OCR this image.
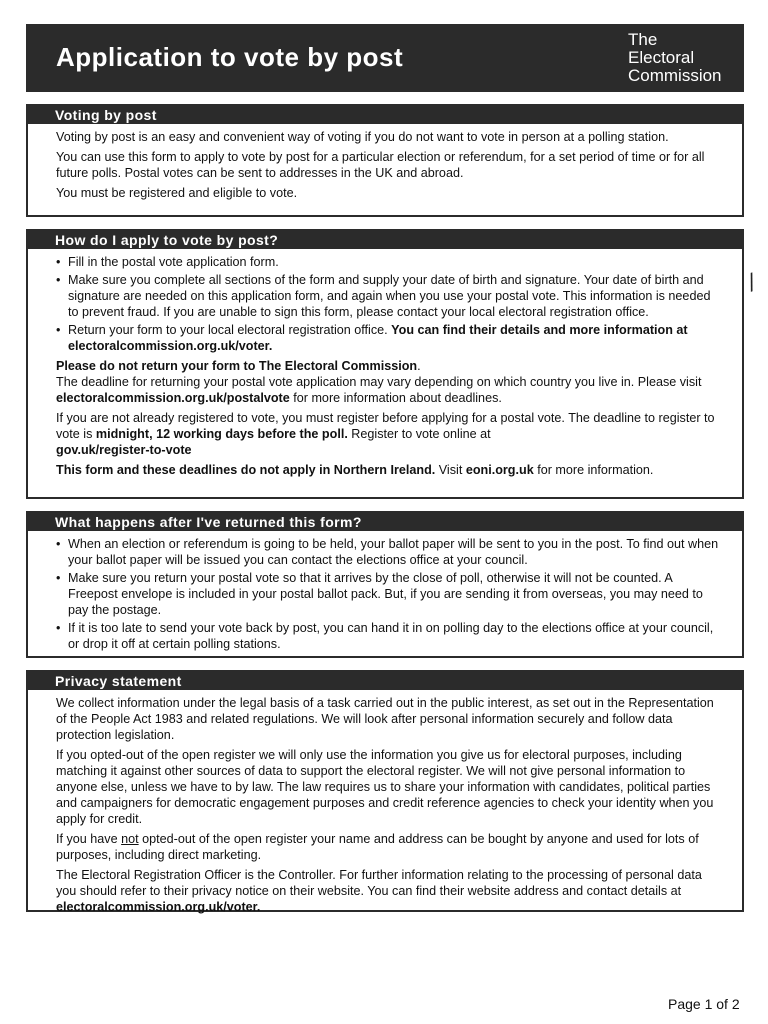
Application to vote by post
The
Electoral
Commission
Voting by post

Voting by post is an easy and convenient way of voting if you do not want to vote in person at a polling station.

You can use this form to apply to vote by post for a particular election or referendum, for a set period of time or for all future polls. Postal votes can be sent to addresses in the UK and abroad.

You must be registered and eligible to vote.

How do I apply to vote by post?
• Fill in the postal vote application form.
• Make sure you complete all sections of the form and supply your date of birth and signature. Your date of birth and signature are needed on this application form, and again when you use your postal vote. This information is needed to prevent fraud. If you are unable to sign this form, please contact your local electoral registration office.
• Return your form to your local electoral registration office. You can find their details and more information at electoralcommission.org.uk/voter.

Please do not return your form to The Electoral Commission.
The deadline for returning your postal vote application may vary depending on which country you live in. Please visit electoralcommission.org.uk/postalvote for more information about deadlines.

If you are not already registered to vote, you must register before applying for a postal vote. The deadline to register to vote is midnight, 12 working days before the poll. Register to vote online at
gov.uk/register-to-vote

This form and these deadlines do not apply in Northern Ireland. Visit eoni.org.uk for more information.

What happens after I've returned this form?
• When an election or referendum is going to be held, your ballot paper will be sent to you in the post. To find out when your ballot paper will be issued you can contact the elections office at your council.
• Make sure you return your postal vote so that it arrives by the close of poll, otherwise it will not be counted. A Freepost envelope is included in your postal ballot pack. But, if you are sending it from overseas, you may need to pay the postage.
• If it is too late to send your vote back by post, you can hand it in on polling day to the elections office at your council, or drop it off at certain polling stations.
Privacy statement

We collect information under the legal basis of a task carried out in the public interest, as set out in the Representation of the People Act 1983 and related regulations. We will look after personal information securely and follow data protection legislation.

If you opted-out of the open register we will only use the information you give us for electoral purposes, including matching it against other sources of data to support the electoral register. We will not give personal information to anyone else, unless we have to by law. The law requires us to share your information with candidates, political parties and campaigners for democratic engagement purposes and credit reference agencies to check your identity when you apply for credit.

If you have not opted-out of the open register your name and address can be bought by anyone and used for lots of purposes, including direct marketing.

The Electoral Registration Officer is the Controller. For further information relating to the processing of personal data you should refer to their privacy notice on their website. You can find their website address and contact details at electoralcommission.org.uk/voter.

/
Page 1 of 2
